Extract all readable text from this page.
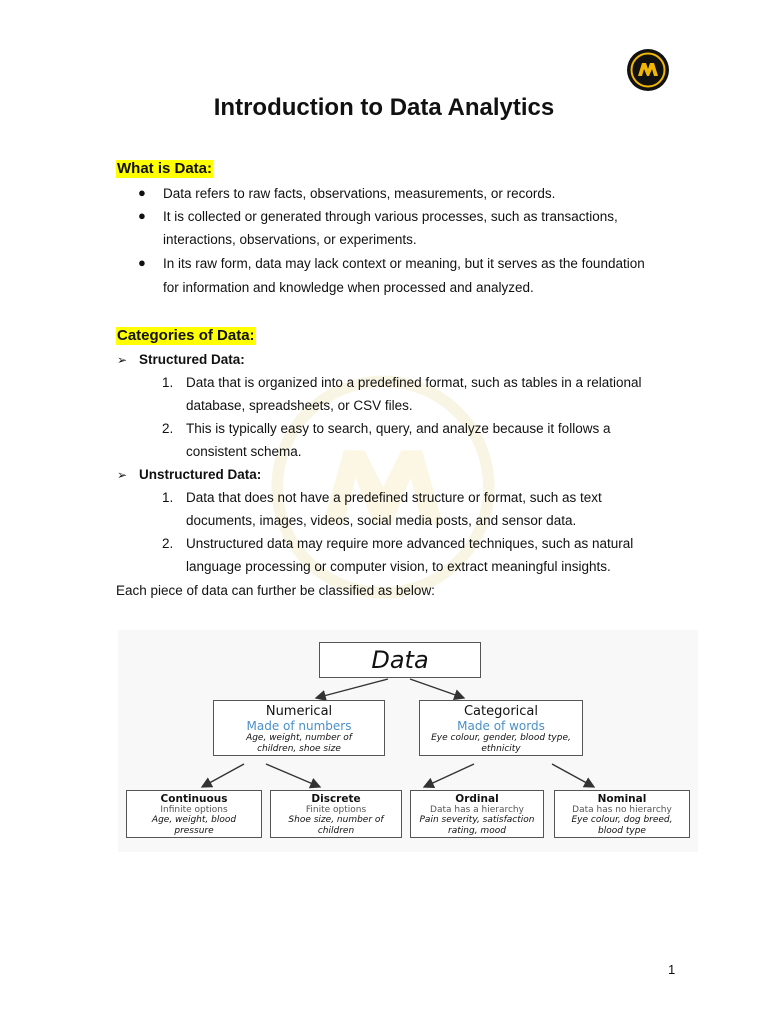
Introduction to Data Analytics
What is Data:
● Data refers to raw facts, observations, measurements, or records.
● It is collected or generated through various processes, such as transactions,
interactions, observations, or experiments.
● In its raw form, data may lack context or meaning, but it serves as the foundation
for information and knowledge when processed and analyzed.
Categories of Data:
➢ Structured Data:
1. Data that is organized into a predefined format, such as tables in a relational
database, spreadsheets, or CSV files.
2. This is typically easy to search, query, and analyze because it follows a
consistent schema.
➢ Unstructured Data:
1. Data that does not have a predefined structure or format, such as text
documents, images, videos, social media posts, and sensor data.
2. Unstructured data may require more advanced techniques, such as natural
language processing or computer vision, to extract meaningful insights.
Each piece of data can further be classified as below:
Data
Numerical
Made of numbers
Age, weight, number of
children, shoe size
Categorical
Made of words
Eye colour, gender, blood type,
ethnicity
Continuous
Infinite options
Age, weight, blood
pressure
Discrete
Finite options
Shoe size, number of
children
Ordinal
Data has a hierarchy
Pain severity, satisfaction
rating, mood
Nominal
Data has no hierarchy
Eye colour, dog breed,
blood type
1
